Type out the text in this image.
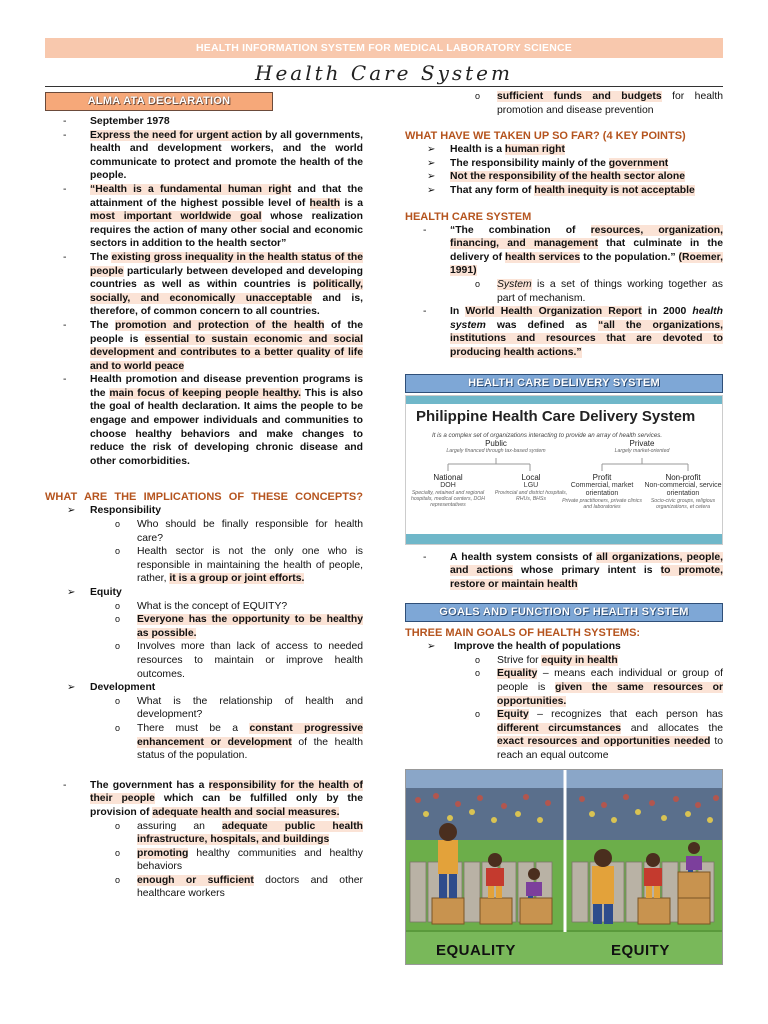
HEALTH INFORMATION SYSTEM FOR MEDICAL LABORATORY SCIENCE
Health Care System
ALMA ATA DECLARATION
- September 1978
- Express the need for urgent action by all governments, health and development workers, and the world communicate to protect and promote the health of the people.
- “Health is a fundamental human right and that the attainment of the highest possible level of health is a most important worldwide goal whose realization requires the action of many other social and economic sectors in addition to the health sector”
- The existing gross inequality in the health status of the people particularly between developed and developing countries as well as within countries is politically, socially, and economically unacceptable and is, therefore, of common concern to all countries.
- The promotion and protection of the health of the people is essential to sustain economic and social development and contributes to a better quality of life and to world peace
- Health promotion and disease prevention programs is the main focus of keeping people healthy. This is also the goal of health declaration. It aims the people to be engage and empower individuals and communities to choose healthy behaviors and make changes to reduce the risk of developing chronic disease and other comorbidities.
WHAT ARE THE IMPLICATIONS OF THESE CONCEPTS?
➢ Responsibility
o Who should be finally responsible for health care?
o Health sector is not the only one who is responsible in maintaining the health of people, rather, it is a group or joint efforts.
➢ Equity
o What is the concept of EQUITY?
o Everyone has the opportunity to be healthy as possible.
o Involves more than lack of access to needed resources to maintain or improve health outcomes.
➢ Development
o What is the relationship of health and development?
o There must be a constant progressive enhancement or development of the health status of the population.
- The government has a responsibility for the health of their people which can be fulfilled only by the provision of adequate health and social measures.
o assuring an adequate public health infrastructure, hospitals, and buildings
o promoting healthy communities and healthy behaviors
o enough or sufficient doctors and other healthcare workers
o sufficient funds and budgets for health promotion and disease prevention
WHAT HAVE WE TAKEN UP SO FAR? (4 KEY POINTS)
➢ Health is a human right
➢ The responsibility mainly of the government
➢ Not the responsibility of the health sector alone
➢ That any form of health inequity is not acceptable
HEALTH CARE SYSTEM
- “The combination of resources, organization, financing, and management that culminate in the delivery of health services to the population.” (Roemer, 1991)
o System is a set of things working together as part of mechanism.
- In World Health Organization Report in 2000 health system was defined as “all the organizations, institutions and resources that are devoted to producing health actions.”
HEALTH CARE DELIVERY SYSTEM
Philippine Health Care Delivery System
It is a complex set of organizations interacting to provide an array of health services.
Public
Largely financed through tax-based system
Private
Largely market-oriented
National
DOH
Specialty, retained and regional hospitals, medical centers, DOH representatives
Local
LGU
Provincial and district hospitals, RHUs, BHSs
Profit
Commercial, market orientation
Private practitioners, private clinics and laboratories
Non-profit
Non-commercial, service orientation
Socio-civic groups, religious organizations, et cetera
- A health system consists of all organizations, people, and actions whose primary intent is to promote, restore or maintain health
GOALS AND FUNCTION OF HEALTH SYSTEM
THREE MAIN GOALS OF HEALTH SYSTEMS:
➢ Improve the health of populations
o Strive for equity in health
o Equality – means each individual or group of people is given the same resources or opportunities.
o Equity – recognizes that each person has different circumstances and allocates the exact resources and opportunities needed to reach an equal outcome
EQUALITY	EQUITY
